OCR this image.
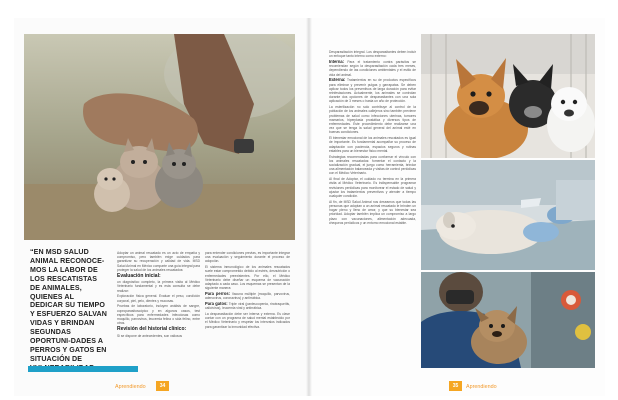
“EN MSD SALUD ANIMAL RECONOCE-MOS LA LABOR DE LOS RESCATISTAS DE ANIMALES, QUIENES AL DEDICAR SU TIEMPO Y ESFUERZO SALVAN VIDAS Y BRINDAN SEGUNDAS OPORTUNI-DADES A PERROS Y GATOS EN SITUACIÓN DE

Adoptar un animal rescatado es un acto de empatía y compromiso, pero también exige cuidados para garantizar su recuperación y calidad de vida. MSD Salud Animal en México comparte una guía integral para proteger la salud de los animales rescatados:

Evaluación inicial:

un diagnóstico completo, la primera visita al Médico Veterinario fundamental y es esta consulta se debe realizar:

Exploración física general. Evaluar el peso, condición corporal, piel, pelo, dientes y mucosas.

Pruebas de laboratorio, incluyen análisis de sangre, coproparasitoscópico y en algunos casos, test específicos para enfermedades infecciosas como moquillo, parvovirus, leucemia felina o sida felino, entre otros.

Revisión del historial clínico:

Si se dispone de antecedentes, son valiosos

para entender condiciones previas, es importante integrar una evaluación y seguimiento durante el proceso de adopción.

El sistema inmunológico de los animales rescatados suele estar comprometido debido al estrés, desnutrición o enfermedades preexistentes. Por ello, el Médico Veterinario debe diseñar un esquema de vacunación adaptado a cada caso. Los esquemas se presentan de la siguiente manera:

Para perros: Vacuna múltiple (moquillo, parvovirus, adenovirus, coronavirus) y antirrábica.

Para gatos: Triple viral (panleucopenia, rinotraqueítis, calicivirus), leucemia viral y antirrábica.

La desparasitación debe ser interna y externa. Es clave contar con un programa de salud mental establecido por el Médico Veterinario y respetar los intervalos indicados para garantizar la inmunidad efectiva.

Desparasitación integral. Los desparasitantes deben incluir un enfoque tanto interno como externo:

Interna: Para el tratamiento contra parásitos se recomiendan según la desparasitación cada tres meses, dependiendo de las condiciones ambientales y el estilo de vida del animal.

Externa: Tratamientos en su de productos específicos para eliminar y prevenir pulgas y garrapatas. Se deben aplicar todos los preventivos de larga duración para evitar reinfestaciones. Actualmente, los animales se controlan durante dos opciones de desparasitantes con una sola aplicación de 3 meses o hasta un año de protección.

La esterilización no solo contribuye al control de la población de los animales callejeros sino también previene problemas de salud como infecciones uterinas, tumores mamarios, hiperplasia prostática y diversos tipos de enfermedades. Este procedimiento debe realizarse una vez que se tenga la salud general del animal esté en buenas condiciones.

El bienestar emocional de los animales rescatados es igual de importante. Es fundamental acompañar su proceso de adaptación con paciencia, espacios seguros y rutinas estables para un bienestar físico mental.

Estrategias recomendadas para conformar el vínculo con los animales rescatados: fomentar el contacto y la socialización gradual, el juego como herramienta, brindar una alimentación balanceada y visitas de control periódicas con el Médico Veterinario.

Al final de Adoptar, el cuidado no termina en la primera visita al Médico Veterinario. Es indispensable programar revisiones periódicas para monitorear el estado de salud y ajustar los tratamientos preventivos y atender a tiempo cualquier condición.

Al fin, de MSD Salud Animal nos deseamos que todas las personas que adoptan a un animal rescatado le brinden un hogar pleno y lleno de amor, y que su bienestar sea prioridad. Adoptar también implica un compromiso a largo plazo con vacunaciones, alimentación adecuada, chequeos periódicos y un entorno emocional estable.

Aprendiendo	34	35	Aprendiendo
